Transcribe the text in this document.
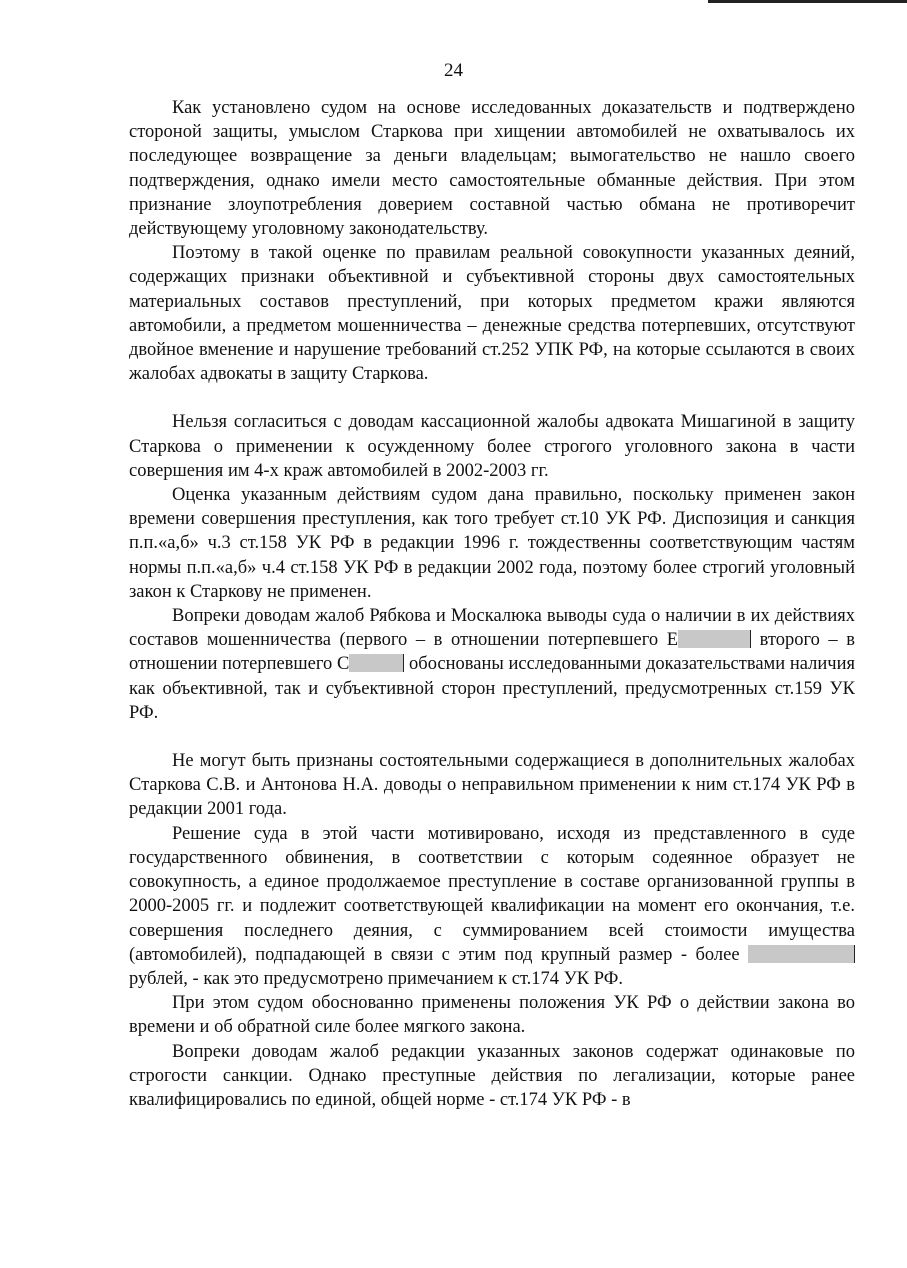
24

Как установлено судом на основе исследованных доказательств и подтверждено стороной защиты, умыслом Старкова при хищении автомобилей не охватывалось их последующее возвращение за деньги владельцам; вымогательство не нашло своего подтверждения, однако имели место самостоятельные обманные действия. При этом признание злоупотребления доверием составной частью обмана не противоречит действующему уголовному законодательству.

Поэтому в такой оценке по правилам реальной совокупности указанных деяний, содержащих признаки объективной и субъективной стороны двух самостоятельных материальных составов преступлений, при которых предметом кражи являются автомобили, а предметом мошенничества – денежные средства потерпевших, отсутствуют двойное вменение и нарушение требований ст.252 УПК РФ, на которые ссылаются в своих жалобах адвокаты в защиту Старкова.

Нельзя согласиться с доводам кассационной жалобы адвоката Мишагиной в защиту Старкова о применении к осужденному более строгого уголовного закона в части совершения им 4-х краж автомобилей в 2002-2003 гг.

Оценка указанным действиям судом дана правильно, поскольку применен закон времени совершения преступления, как того требует ст.10 УК РФ. Диспозиция и санкция п.п.«а,б» ч.3 ст.158 УК РФ в редакции 1996 г. тождественны соответствующим частям нормы п.п.«а,б» ч.4 ст.158 УК РФ в редакции 2002 года, поэтому более строгий уголовный закон к Старкову не применен.

Вопреки доводам жалоб Рябкова и Москалюка выводы суда о наличии в их действиях составов мошенничества (первого – в отношении потерпевшего Е	второго – в отношении потерпевшего С	обоснованы исследованными доказательствами наличия как объективной, так и субъективной сторон преступлений, предусмотренных ст.159 УК РФ.

Не могут быть признаны состоятельными содержащиеся в дополнительных жалобах Старкова С.В. и Антонова Н.А. доводы о неправильном применении к ним ст.174 УК РФ в редакции 2001 года.

Решение суда в этой части мотивировано, исходя из представленного в суде государственного обвинения, в соответствии с которым содеянное образует не совокупность, а единое продолжаемое преступление в составе организованной группы в 2000-2005 гг. и подлежит соответствующей квалификации на момент его окончания, т.е. совершения последнего деяния, с суммированием всей стоимости имущества (автомобилей), подпадающей в связи с этим под крупный размер - более  рублей, - как это предусмотрено примечанием к ст.174 УК РФ.

При этом судом обоснованно применены положения УК РФ о действии закона во времени и об обратной силе более мягкого закона.

Вопреки доводам жалоб редакции указанных законов содержат одинаковые по строгости санкции. Однако преступные действия по легализации, которые ранее квалифицировались по единой, общей норме - ст.174 УК РФ - в
